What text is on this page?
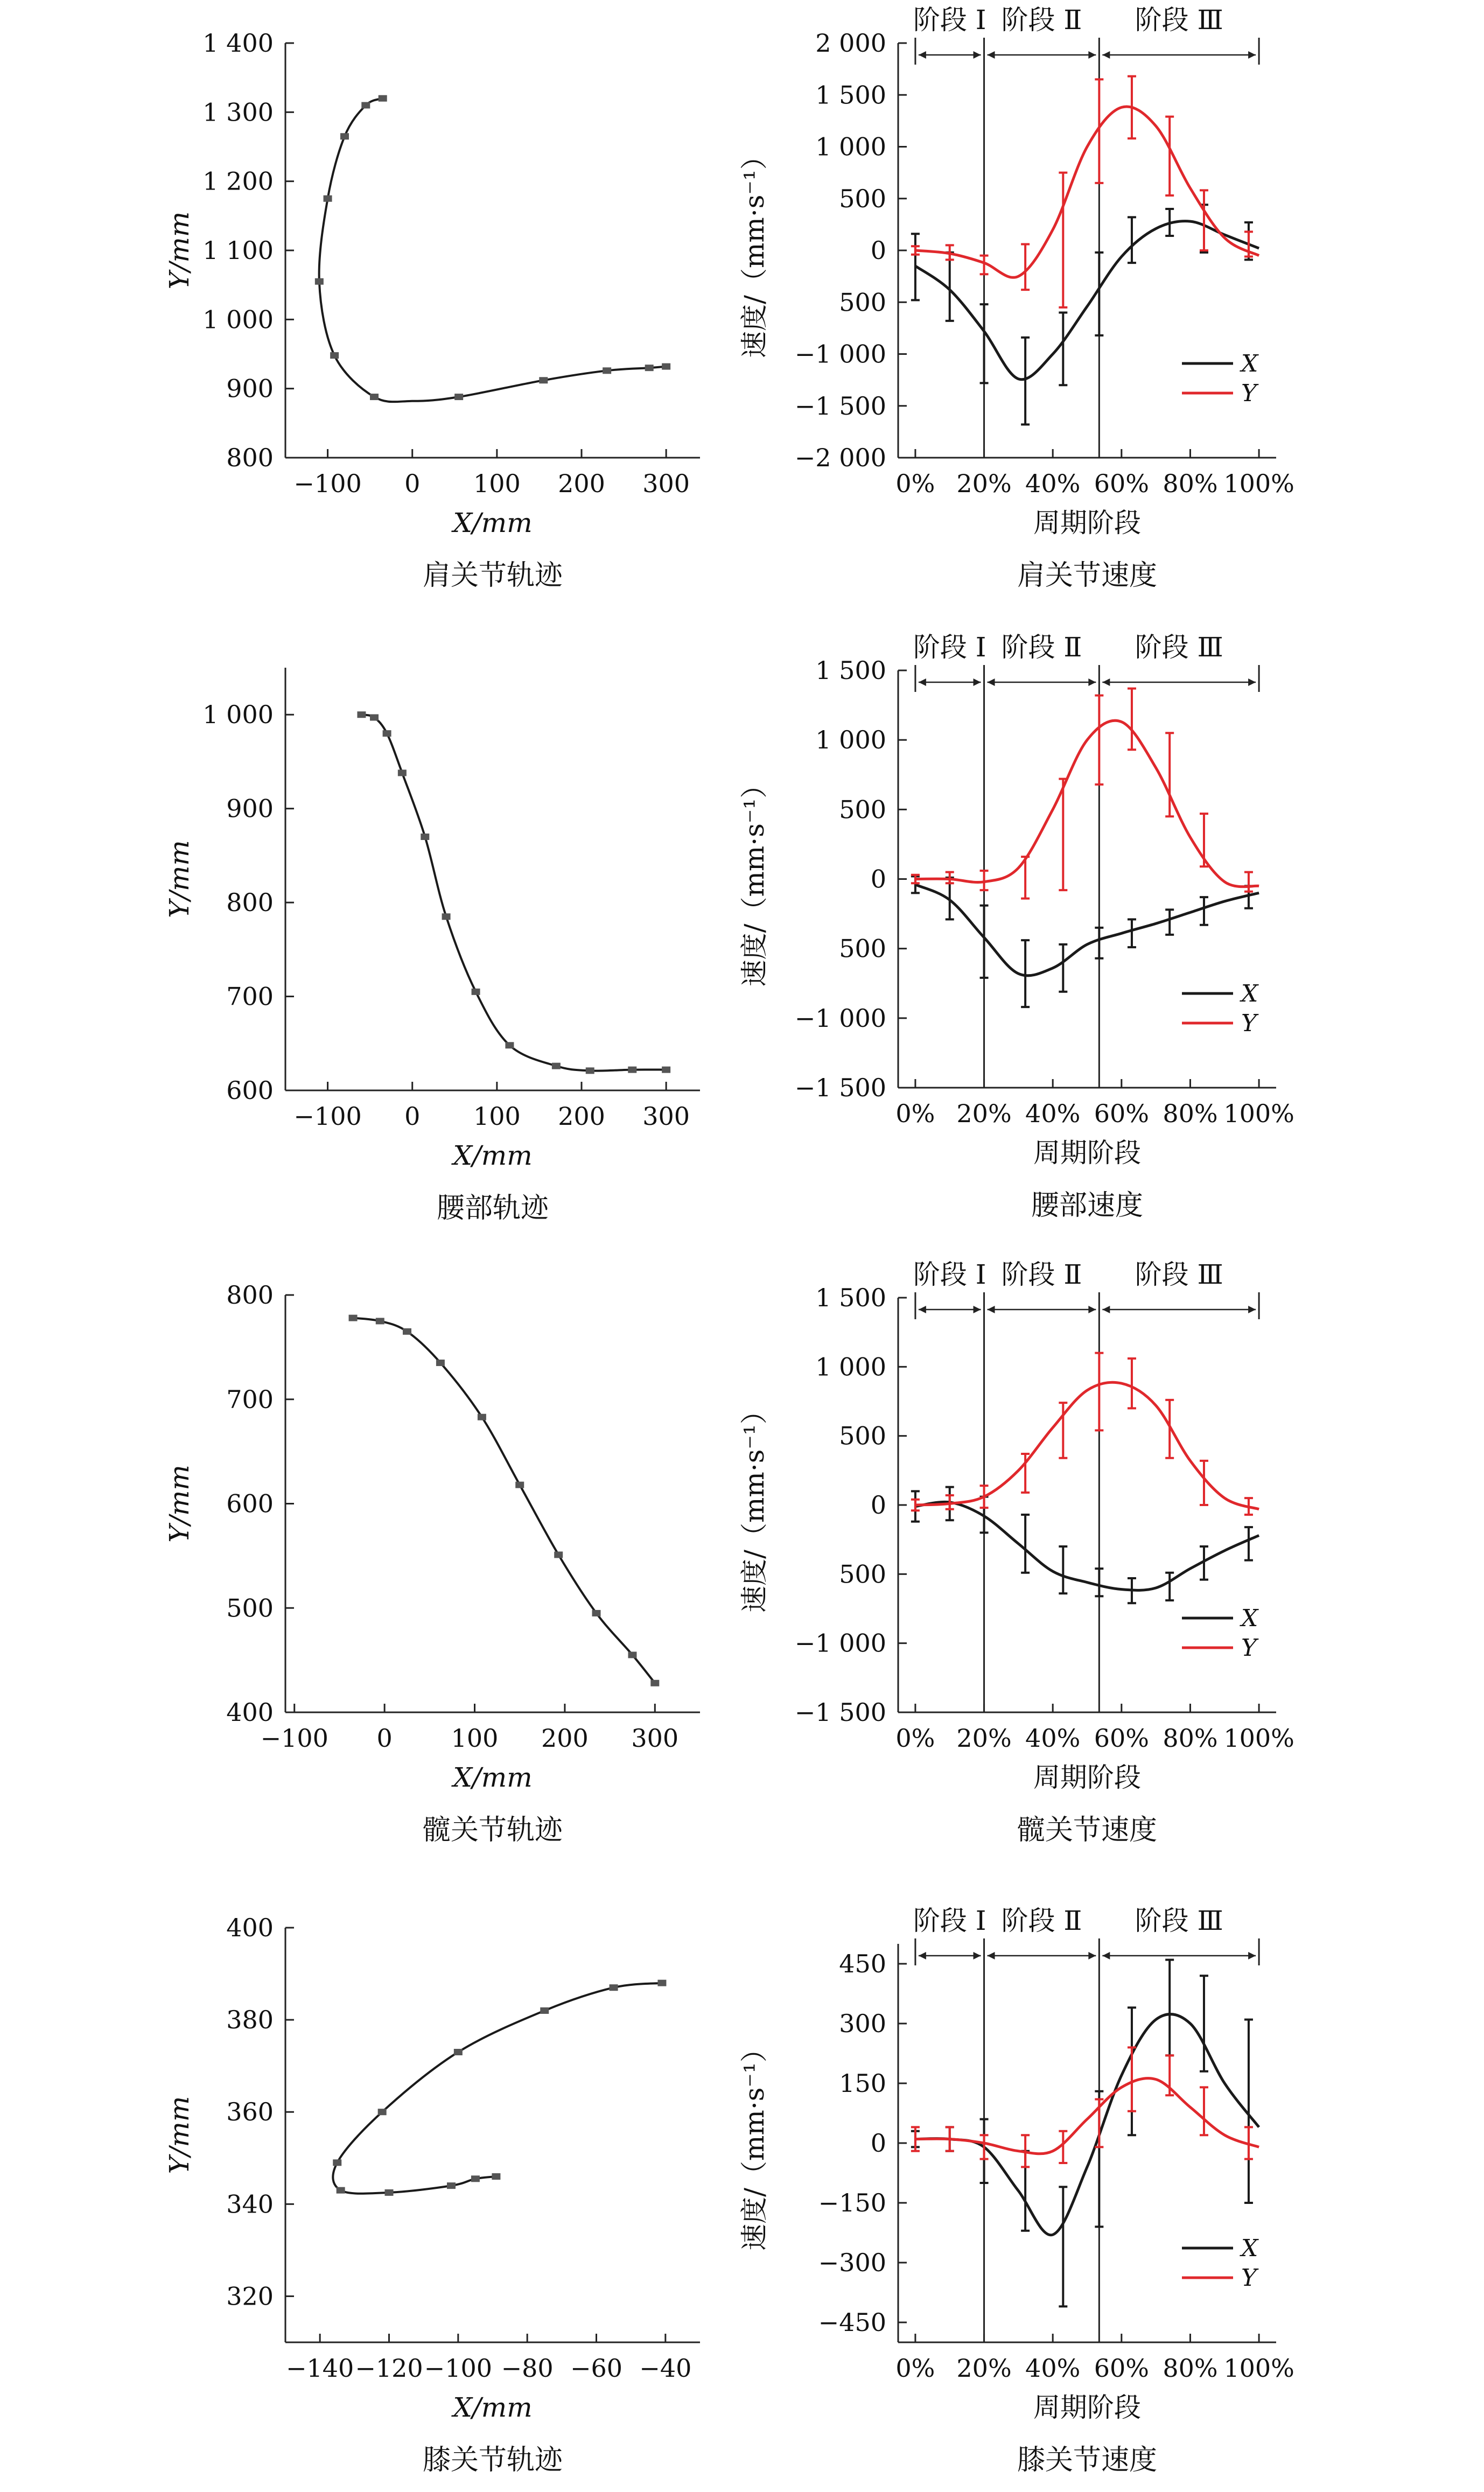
800
900
1 000
1 100
1 200
1 300
1 400
−100 0 100 200 300
X/mm
Y/mm
肩关节轨迹
−2 000
−1 500
−1 000
500
0
500
1 000
1 500
2 000
0% 20% 40% 60% 80% 100%
周期阶段
速度/（mm·s⁻¹）
肩关节速度
阶段 Ⅰ 阶段 Ⅱ 阶段 Ⅲ
X
Y
600
700
800
900
1 000
−100 0 100 200 300
X/mm
Y/mm
腰部轨迹
−1 500
−1 000
500
0
500
1 000
1 500
0% 20% 40% 60% 80% 100%
周期阶段
速度/（mm·s⁻¹）
腰部速度
阶段 Ⅰ 阶段 Ⅱ 阶段 Ⅲ
X
Y
400
500
600
700
800
−100 0 100 200 300
X/mm
Y/mm
髋关节轨迹
−1 500
−1 000
500
0
500
1 000
1 500
0% 20% 40% 60% 80% 100%
周期阶段
速度/（mm·s⁻¹）
髋关节速度
阶段 Ⅰ 阶段 Ⅱ 阶段 Ⅲ
X
Y
320
340
360
380
400
−140 −120 −100 −80 −60 −40
X/mm
Y/mm
膝关节轨迹
−450
−300
−150
0
150
300
450
0% 20% 40% 60% 80% 100%
周期阶段
速度/（mm·s⁻¹）
膝关节速度
阶段 Ⅰ 阶段 Ⅱ 阶段 Ⅲ
X
Y
